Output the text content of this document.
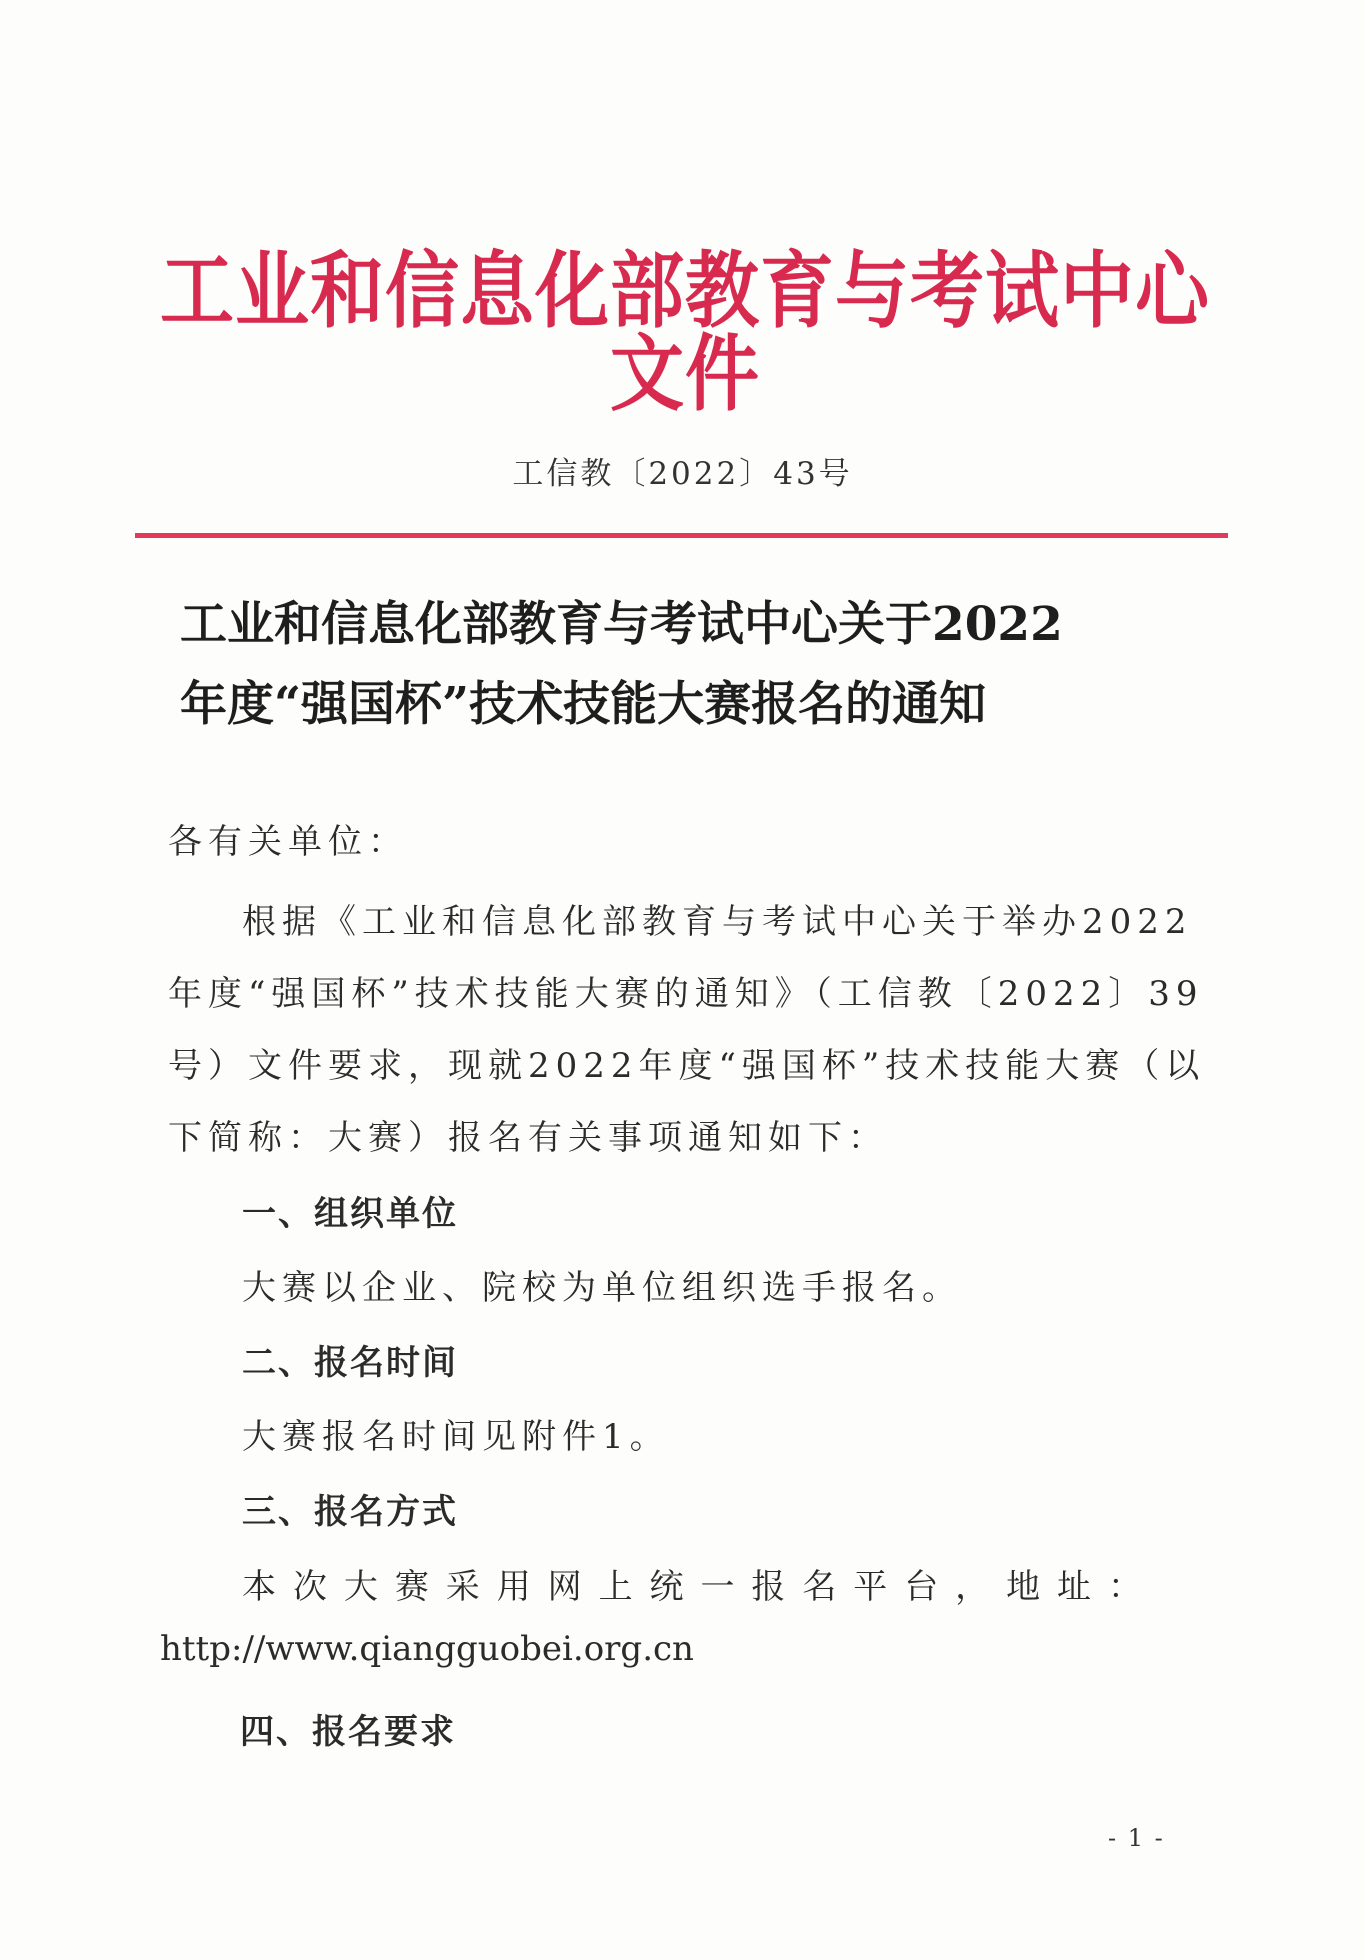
工业和信息化部教育与考试中心文件
工信教〔2022〕43号
工业和信息化部教育与考试中心关于2022
年度“强国杯”技术技能大赛报名的通知
各有关单位：
根据《工业和信息化部教育与考试中心关于举办2022
年度“强国杯”技术技能大赛的通知》（工信教〔2022〕39
号）文件要求，现就2022年度“强国杯”技术技能大赛（以
下简称：大赛）报名有关事项通知如下：
一、组织单位
大赛以企业、院校为单位组织选手报名。
二、报名时间
大赛报名时间见附件1。
三、报名方式
本 次 大 赛 采 用 网 上 统 一 报 名 平 台 ， 地 址 ：
http://www.qiangguobei.org.cn
四、报名要求
- 1 -
